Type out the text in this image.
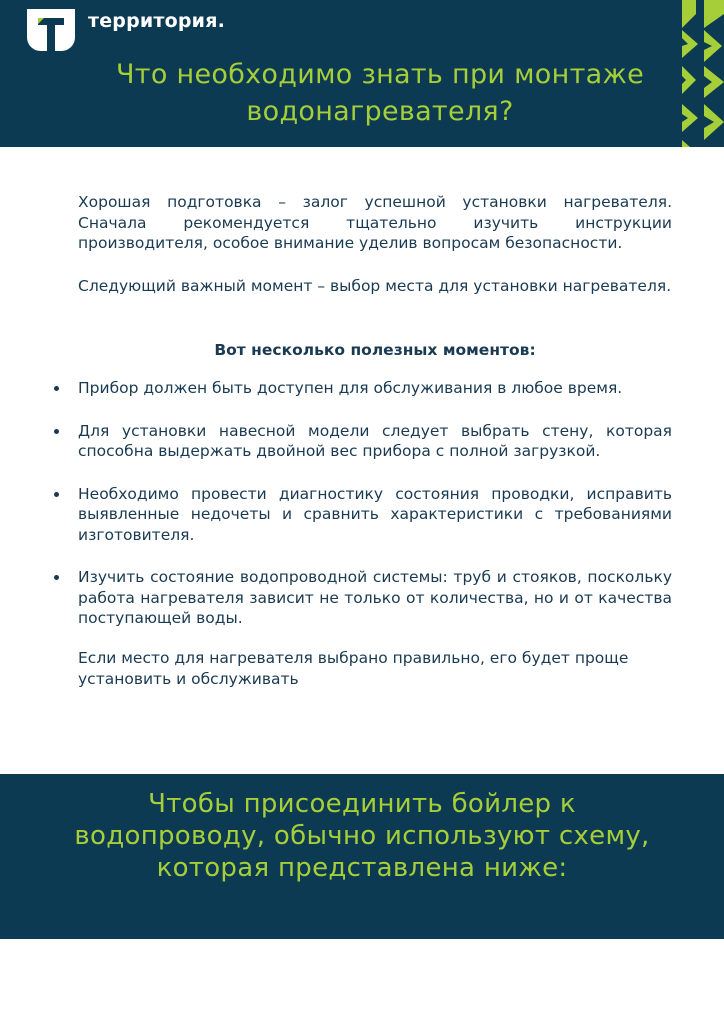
территория.
Что необходимо знать при монтаже водонагревателя?

Хорошая подготовка – залог успешной установки нагревателя. Сначала рекомендуется тщательно изучить инструкции производителя, особое внимание уделив вопросам безопасности.

Следующий важный момент – выбор места для установки нагревателя.

Вот несколько полезных моментов:

Прибор должен быть доступен для обслуживания в любое время.
Для установки навесной модели следует выбрать стену, которая способна выдержать двойной вес прибора с полной загрузкой.
Необходимо провести диагностику состояния проводки, исправить выявленные недочеты и сравнить характеристики с требованиями изготовителя.
Изучить состояние водопроводной системы: труб и стояков, поскольку работа нагревателя зависит не только от количества, но и от качества поступающей воды.

Если место для нагревателя выбрано правильно, его будет проще установить и обслуживать

Чтобы присоединить бойлер к водопроводу, обычно используют схему, которая представлена ниже:
